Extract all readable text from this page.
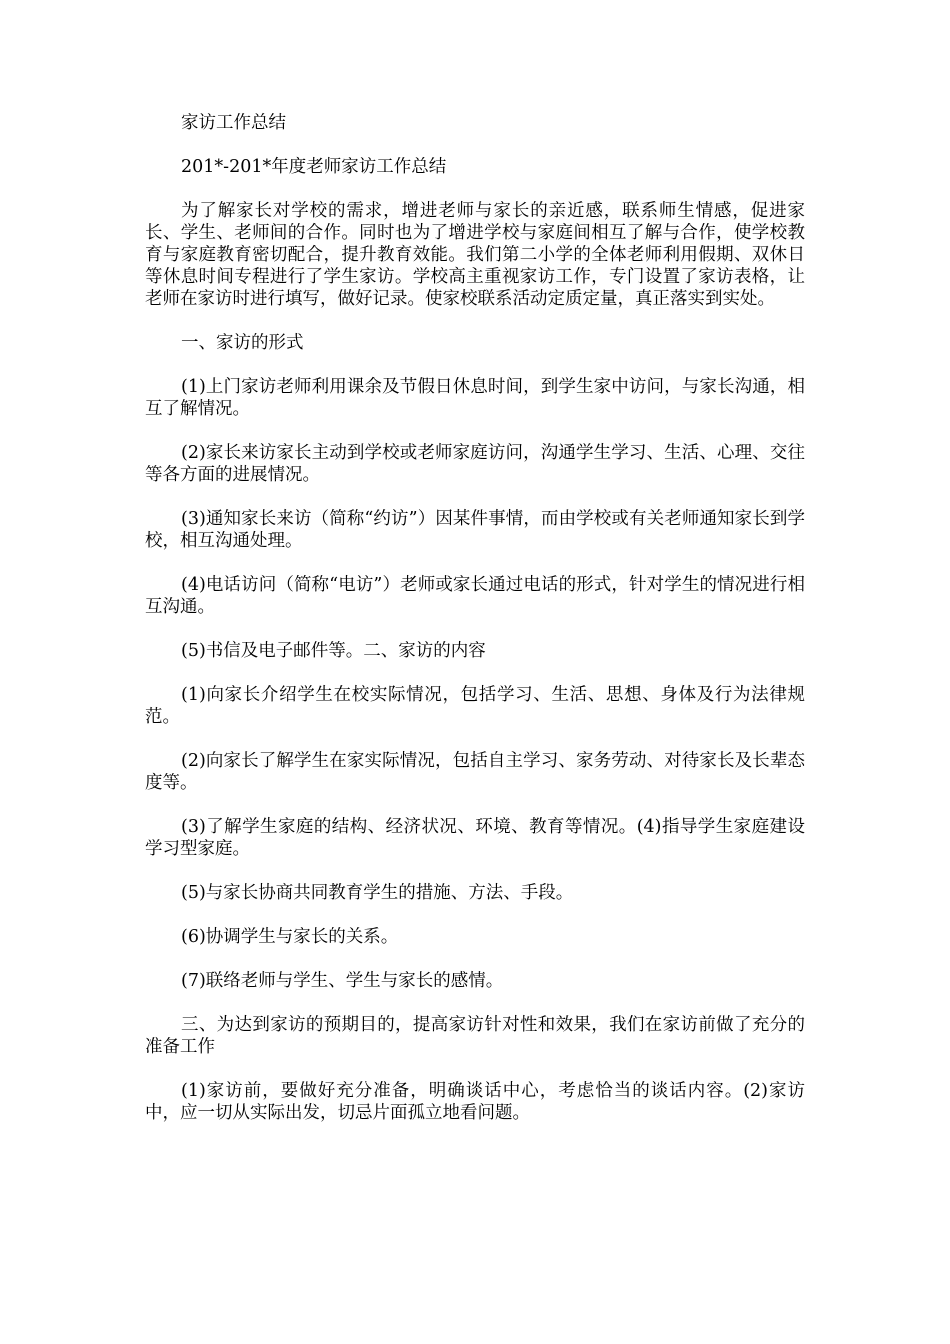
家访工作总结

201*-201*年度老师家访工作总结

为了解家长对学校的需求，增进老师与家长的亲近感，联系师生情感，促进家长、学生、老师间的合作。同时也为了增进学校与家庭间相互了解与合作，使学校教育与家庭教育密切配合，提升教育效能。我们第二小学的全体老师利用假期、双休日等休息时间专程进行了学生家访。学校高主重视家访工作，专门设置了家访表格，让老师在家访时进行填写，做好记录。使家校联系活动定质定量，真正落实到实处。

一、家访的形式

(1)上门家访老师利用课余及节假日休息时间，到学生家中访问，与家长沟通，相互了解情况。

(2)家长来访家长主动到学校或老师家庭访问，沟通学生学习、生活、心理、交往等各方面的进展情况。

(3)通知家长来访（简称“约访”）因某件事情，而由学校或有关老师通知家长到学校，相互沟通处理。

(4)电话访问（简称“电访”）老师或家长通过电话的形式，针对学生的情况进行相互沟通。

(5)书信及电子邮件等。二、家访的内容

(1)向家长介绍学生在校实际情况，包括学习、生活、思想、身体及行为法律规范。

(2)向家长了解学生在家实际情况，包括自主学习、家务劳动、对待家长及长辈态度等。

(3)了解学生家庭的结构、经济状况、环境、教育等情况。(4)指导学生家庭建设学习型家庭。

(5)与家长协商共同教育学生的措施、方法、手段。

(6)协调学生与家长的关系。

(7)联络老师与学生、学生与家长的感情。

三、为达到家访的预期目的，提高家访针对性和效果，我们在家访前做了充分的准备工作

(1)家访前，要做好充分准备，明确谈话中心，考虑恰当的谈话内容。(2)家访中，应一切从实际出发，切忌片面孤立地看问题。
